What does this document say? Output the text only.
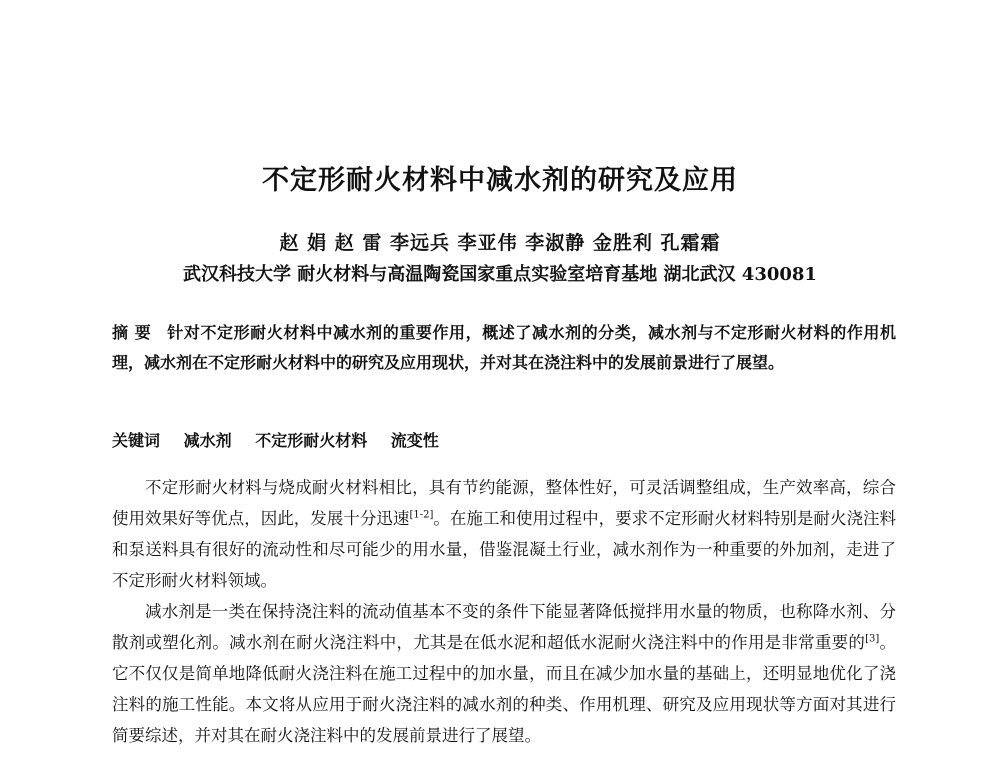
不定形耐火材料中减水剂的研究及应用
赵 娟 赵 雷 李远兵 李亚伟 李淑静 金胜利 孔霜霜
武汉科技大学 耐火材料与高温陶瓷国家重点实验室培育基地 湖北武汉 430081
摘 要 针对不定形耐火材料中减水剂的重要作用，概述了减水剂的分类，减水剂与不定形耐火材料的作用机理，减水剂在不定形耐火材料中的研究及应用现状，并对其在浇注料中的发展前景进行了展望。
关键词 减水剂 不定形耐火材料 流变性

不定形耐火材料与烧成耐火材料相比，具有节约能源，整体性好，可灵活调整组成，生产效率高，综合使用效果好等优点，因此，发展十分迅速[1-2]。在施工和使用过程中，要求不定形耐火材料特别是耐火浇注料和泵送料具有很好的流动性和尽可能少的用水量，借鉴混凝土行业，减水剂作为一种重要的外加剂，走进了不定形耐火材料领域。

减水剂是一类在保持浇注料的流动值基本不变的条件下能显著降低搅拌用水量的物质，也称降水剂、分散剂或塑化剂。减水剂在耐火浇注料中，尤其是在低水泥和超低水泥耐火浇注料中的作用是非常重要的[3]。它不仅仅是简单地降低耐火浇注料在施工过程中的加水量，而且在减少加水量的基础上，还明显地优化了浇注料的施工性能。本文将从应用于耐火浇注料的减水剂的种类、作用机理、研究及应用现状等方面对其进行简要综述，并对其在耐火浇注料中的发展前景进行了展望。
